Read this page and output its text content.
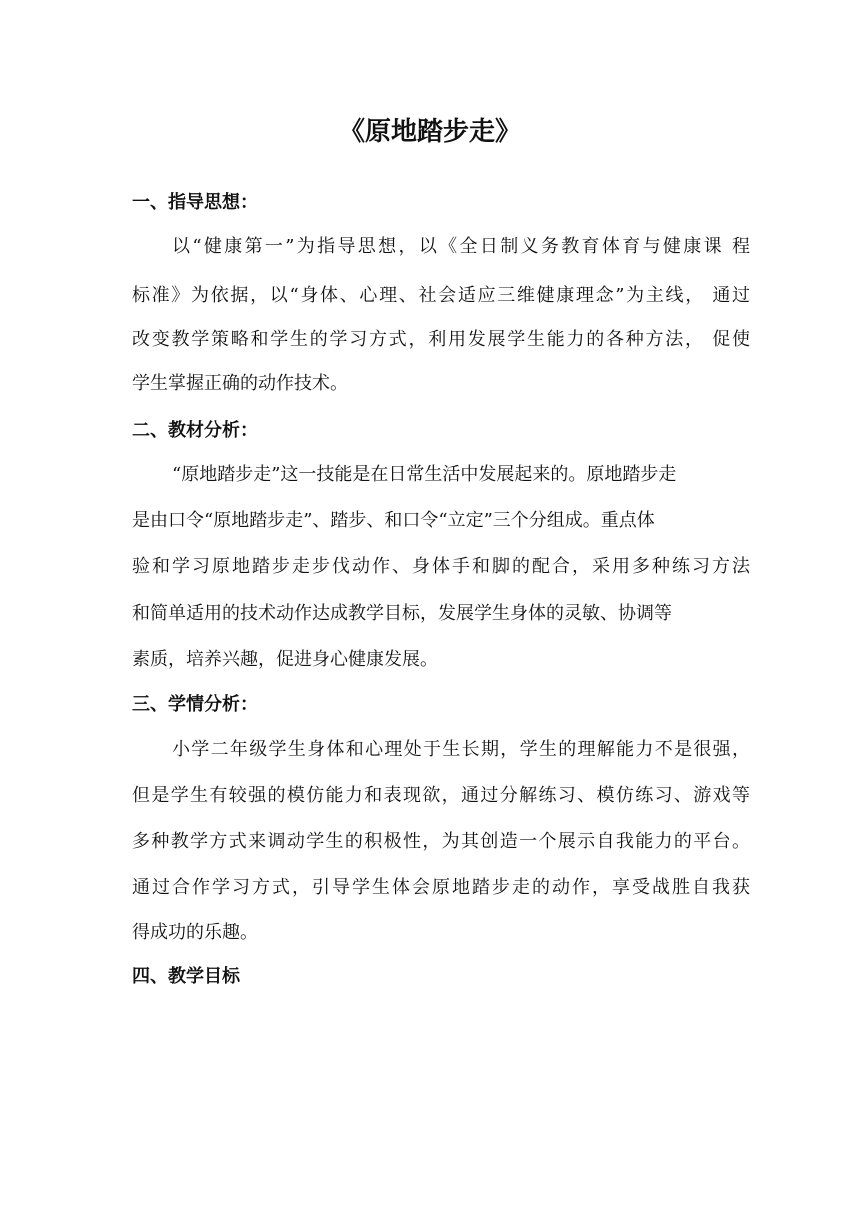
《原地踏步走》
一、指导思想：

以“健康第一”为指导思想，以《全日制义务教育体育与健康课 程

标准》为依据，以“身体、心理、社会适应三维健康理念”为主线， 通过

改变教学策略和学生的学习方式，利用发展学生能力的各种方法， 促使

学生掌握正确的动作技术。

二、教材分析：

“原地踏步走”这一技能是在日常生活中发展起来的。原地踏步走

是由口令“原地踏步走”、踏步、和口令“立定”三个分组成。重点体

验和学习原地踏步走步伐动作、身体手和脚的配合，采用多种练习方法

和简单适用的技术动作达成教学目标，发展学生身体的灵敏、协调等

素质，培养兴趣，促进身心健康发展。

三、学情分析：

小学二年级学生身体和心理处于生长期，学生的理解能力不是很强，

但是学生有较强的模仿能力和表现欲，通过分解练习、模仿练习、游戏等

多种教学方式来调动学生的积极性，为其创造一个展示自我能力的平台。

通过合作学习方式，引导学生体会原地踏步走的动作，享受战胜自我获

得成功的乐趣。

四、教学目标
